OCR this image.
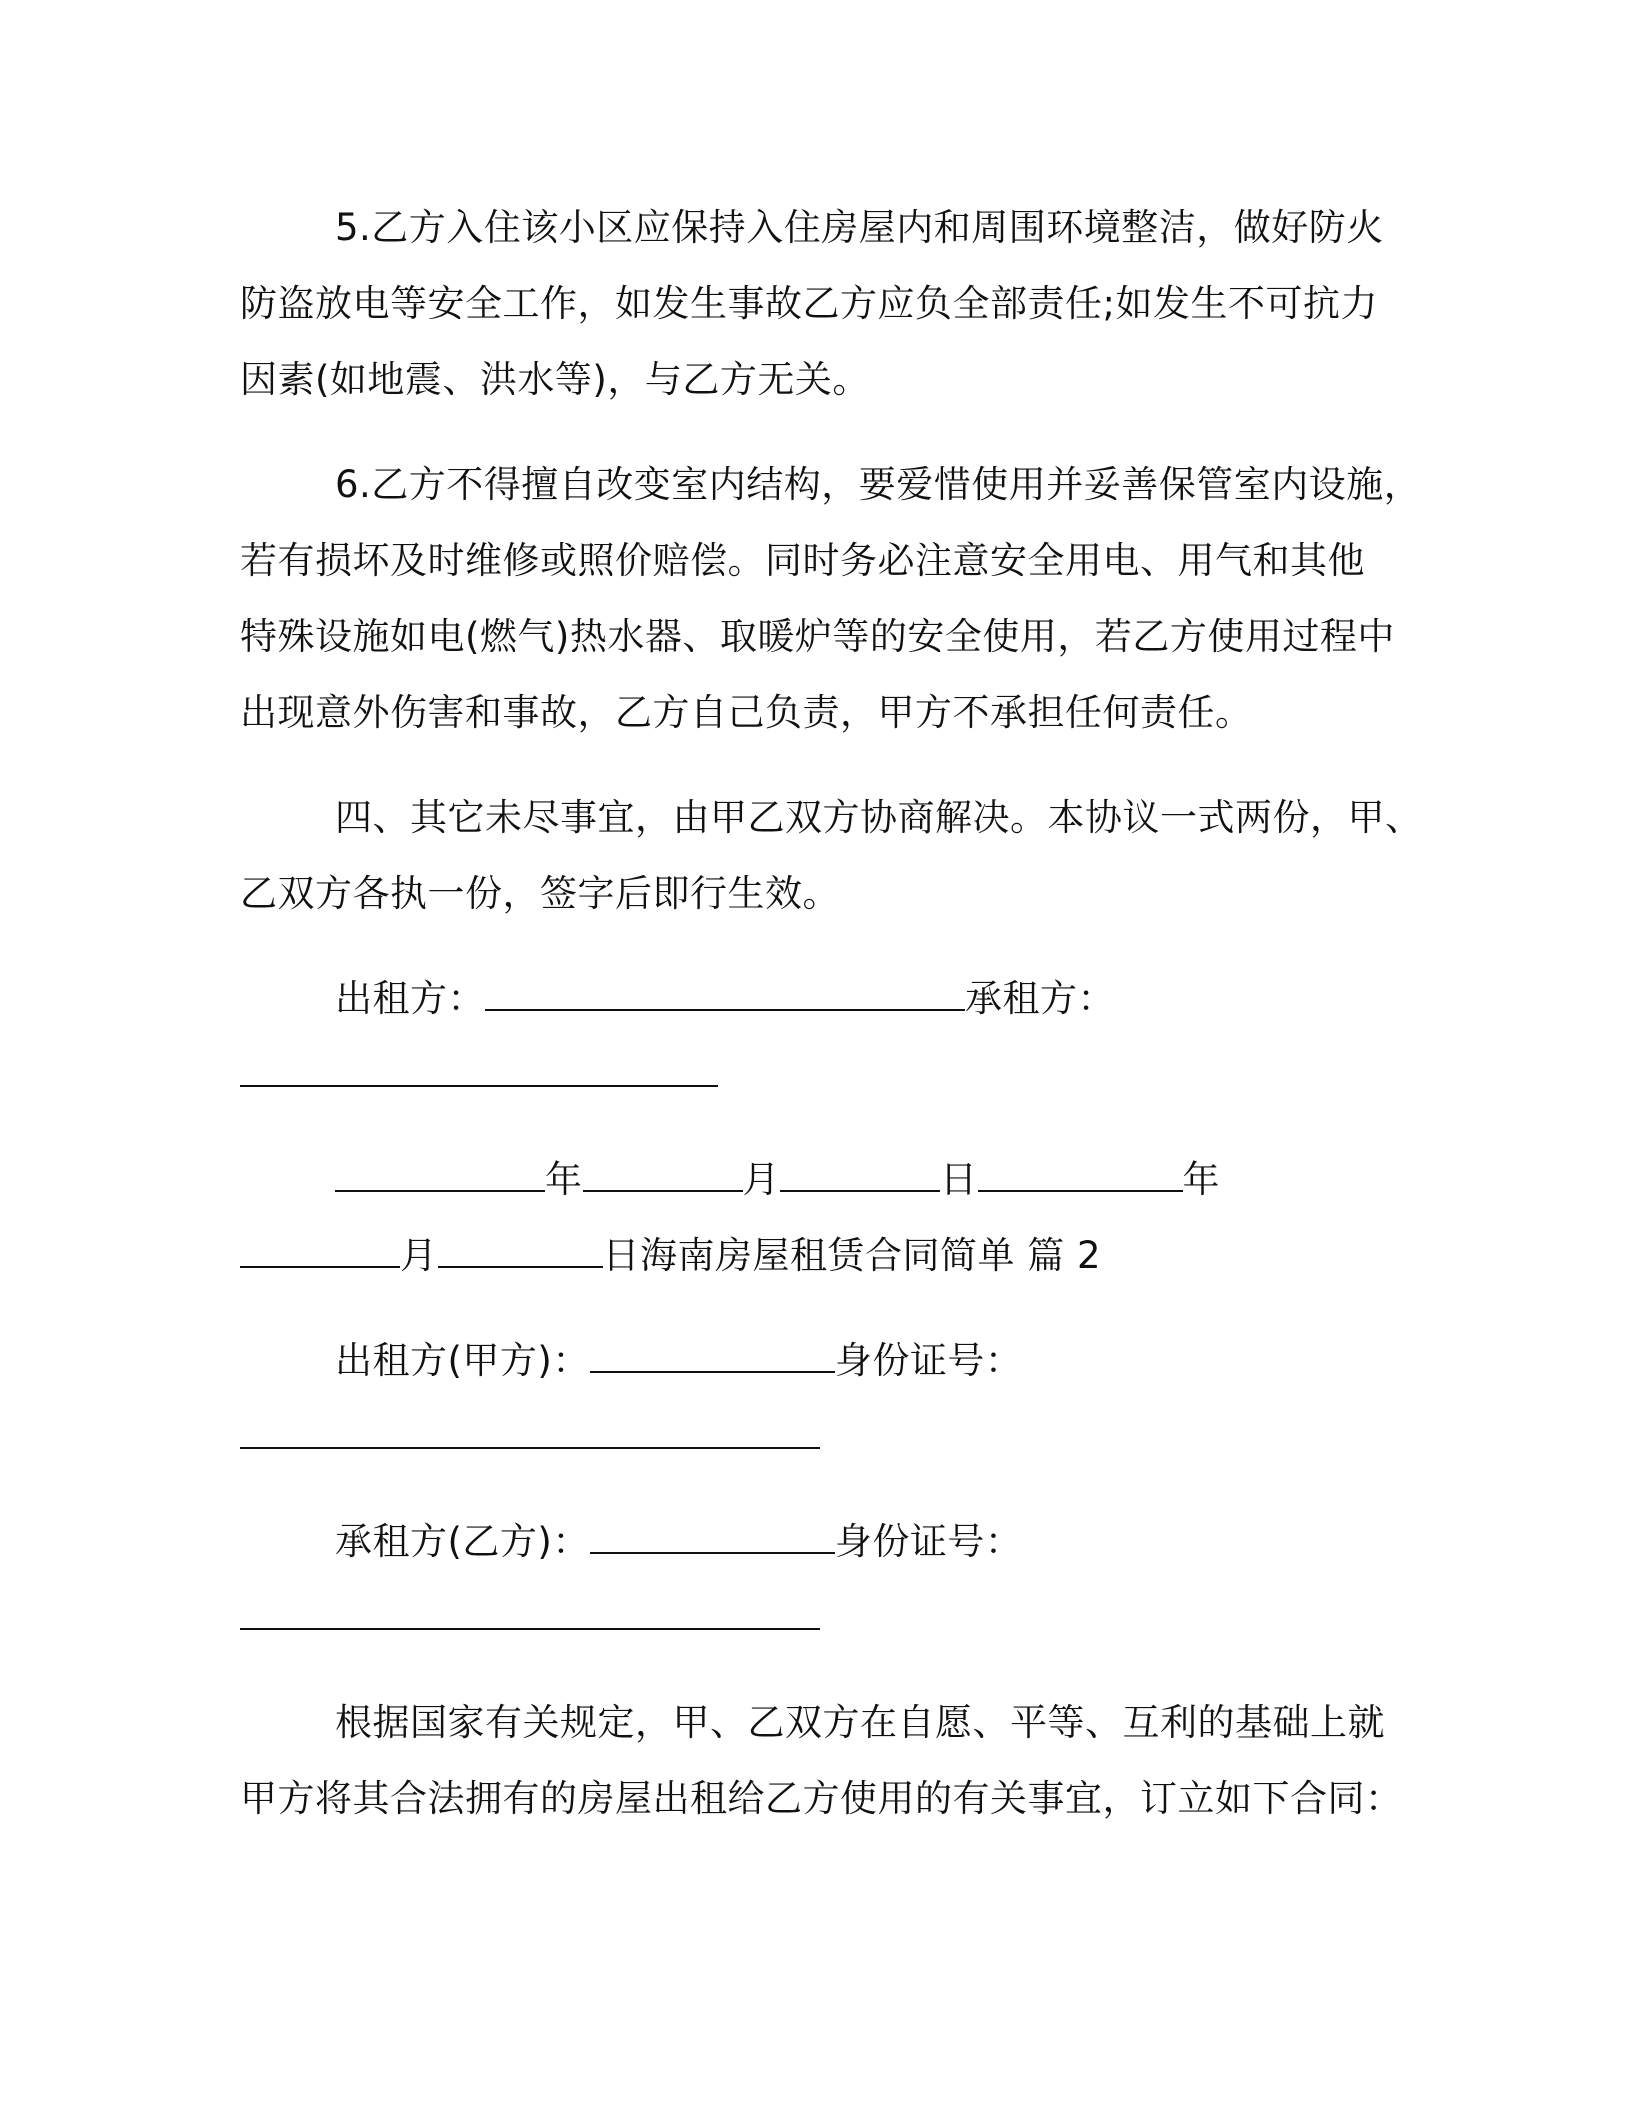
5.乙方入住该小区应保持入住房屋内和周围环境整洁，做好防火
防盗放电等安全工作，如发生事故乙方应负全部责任;如发生不可抗力
因素(如地震、洪水等)，与乙方无关。
6.乙方不得擅自改变室内结构，要爱惜使用并妥善保管室内设施，
若有损坏及时维修或照价赔偿。同时务必注意安全用电、用气和其他
特殊设施如电(燃气)热水器、取暖炉等的安全使用，若乙方使用过程中
出现意外伤害和事故，乙方自己负责，甲方不承担任何责任。
四、其它未尽事宜，由甲乙双方协商解决。本协议一式两份，甲、
乙双方各执一份，签字后即行生效。
出租方：	承租方：
年	月	日	年
月	日海南房屋租赁合同简单 篇 2
出租方(甲方)：	身份证号：
承租方(乙方)：	身份证号：
根据国家有关规定，甲、乙双方在自愿、平等、互利的基础上就
甲方将其合法拥有的房屋出租给乙方使用的有关事宜，订立如下合同：
